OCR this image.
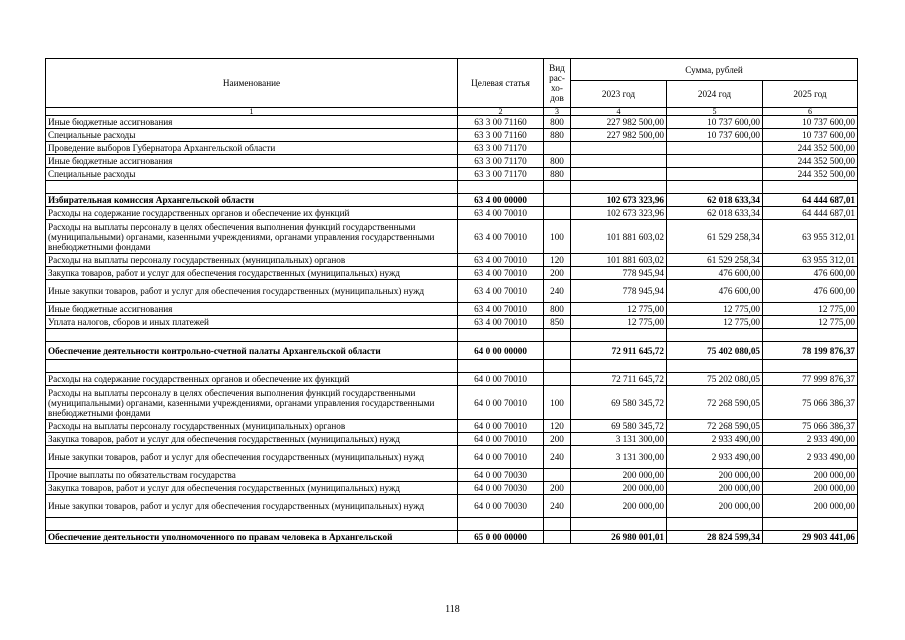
Наименование	Целевая статья	Вид рас-хо-дов	Сумма, рублей		
			2023 год	2024 год	2025 год
1	2	3	4	5	6
Иные бюджетные ассигнования	63 3 00 71160	800	227 982 500,00	10 737 600,00	10 737 600,00
Специальные расходы	63 3 00 71160	880	227 982 500,00	10 737 600,00	10 737 600,00
Проведение выборов Губернатора Архангельской области	63 3 00 71170				244 352 500,00
Иные бюджетные ассигнования	63 3 00 71170	800			244 352 500,00
Специальные расходы	63 3 00 71170	880			244 352 500,00

Избирательная комиссия Архангельской области	63 4 00 00000		102 673 323,96	62 018 633,34	64 444 687,01
Расходы на содержание государственных органов и обеспечение их функций	63 4 00 70010		102 673 323,96	62 018 633,34	64 444 687,01
Расходы на выплаты персоналу в целях обеспечения выполнения функций государственными (муниципальными) органами, казенными учреждениями, органами управления государственными внебюджетными фондами	63 4 00 70010	100	101 881 603,02	61 529 258,34	63 955 312,01
Расходы на выплаты персоналу государственных (муниципальных) органов	63 4 00 70010	120	101 881 603,02	61 529 258,34	63 955 312,01
Закупка товаров, работ и услуг для обеспечения государственных (муниципальных) нужд	63 4 00 70010	200	778 945,94	476 600,00	476 600,00
Иные закупки товаров, работ и услуг для обеспечения государственных (муниципальных) нужд	63 4 00 70010	240	778 945,94	476 600,00	476 600,00
Иные бюджетные ассигнования	63 4 00 70010	800	12 775,00	12 775,00	12 775,00
Уплата налогов, сборов и иных платежей	63 4 00 70010	850	12 775,00	12 775,00	12 775,00

Обеспечение деятельности контрольно-счетной палаты Архангельской области	64 0 00 00000		72 911 645,72	75 402 080,05	78 199 876,37

Расходы на содержание государственных органов и обеспечение их функций	64 0 00 70010		72 711 645,72	75 202 080,05	77 999 876,37
Расходы на выплаты персоналу в целях обеспечения выполнения функций государственными (муниципальными) органами, казенными учреждениями, органами управления государственными внебюджетными фондами	64 0 00 70010	100	69 580 345,72	72 268 590,05	75 066 386,37
Расходы на выплаты персоналу государственных (муниципальных) органов	64 0 00 70010	120	69 580 345,72	72 268 590,05	75 066 386,37
Закупка товаров, работ и услуг для обеспечения государственных (муниципальных) нужд	64 0 00 70010	200	3 131 300,00	2 933 490,00	2 933 490,00
Иные закупки товаров, работ и услуг для обеспечения государственных (муниципальных) нужд	64 0 00 70010	240	3 131 300,00	2 933 490,00	2 933 490,00
Прочие выплаты по обязательствам государства	64 0 00 70030		200 000,00	200 000,00	200 000,00
Закупка товаров, работ и услуг для обеспечения государственных (муниципальных) нужд	64 0 00 70030	200	200 000,00	200 000,00	200 000,00
Иные закупки товаров, работ и услуг для обеспечения государственных (муниципальных) нужд	64 0 00 70030	240	200 000,00	200 000,00	200 000,00

Обеспечение деятельности уполномоченного по правам человека в Архангельской	65 0 00 00000		26 980 001,01	28 824 599,34	29 903 441,06
118
